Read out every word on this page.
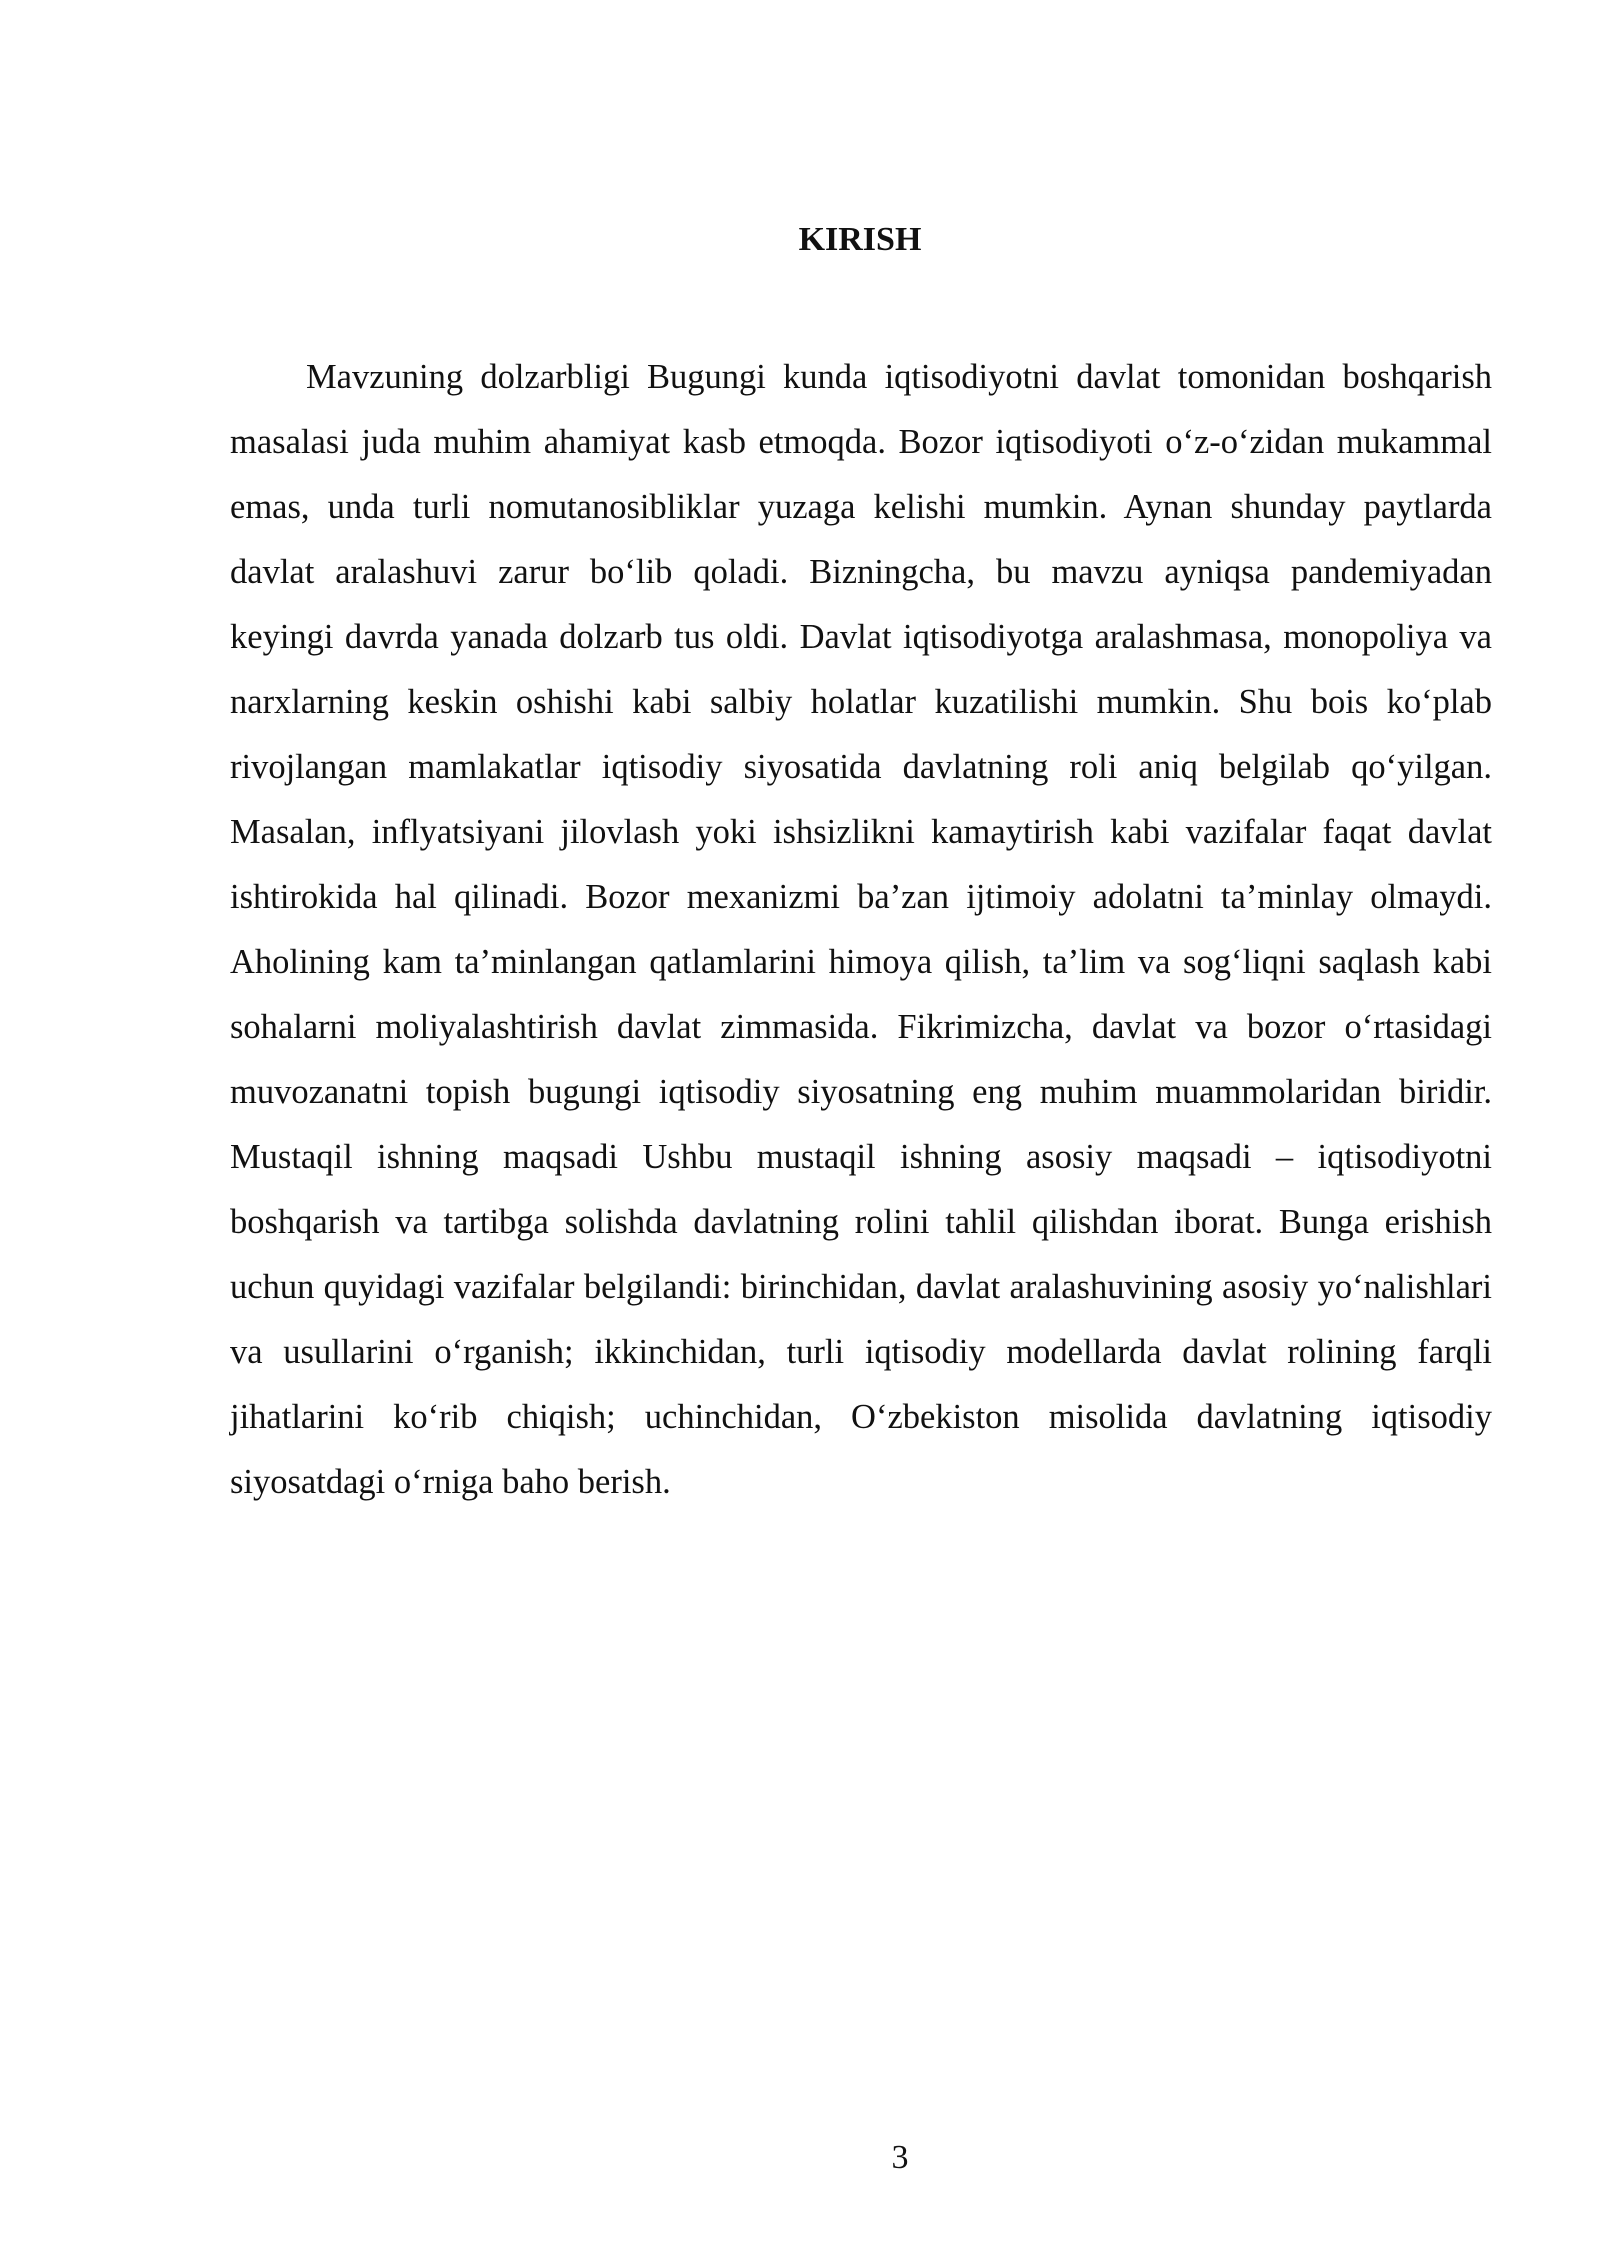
KIRISH

Mavzuning dolzarbligi Bugungi kunda iqtisodiyotni davlat tomonidan boshqarish masalasi juda muhim ahamiyat kasb etmoqda. Bozor iqtisodiyoti o‘z-o‘zidan mukammal emas, unda turli nomutanosibliklar yuzaga kelishi mumkin. Aynan shunday paytlarda davlat aralashuvi zarur bo‘lib qoladi. Bizningcha, bu mavzu ayniqsa pandemiyadan keyingi davrda yanada dolzarb tus oldi. Davlat iqtisodiyotga aralashmasa, monopoliya va narxlarning keskin oshishi kabi salbiy holatlar kuzatilishi mumkin. Shu bois ko‘plab rivojlangan mamlakatlar iqtisodiy siyosatida davlatning roli aniq belgilab qo‘yilgan. Masalan, inflyatsiyani jilovlash yoki ishsizlikni kamaytirish kabi vazifalar faqat davlat ishtirokida hal qilinadi. Bozor mexanizmi ba’zan ijtimoiy adolatni ta’minlay olmaydi. Aholining kam ta’minlangan qatlamlarini himoya qilish, ta’lim va sog‘liqni saqlash kabi sohalarni moliyalashtirish davlat zimmasida. Fikrimizcha, davlat va bozor o‘rtasidagi muvozanatni topish bugungi iqtisodiy siyosatning eng muhim muammolaridan biridir. Mustaqil ishning maqsadi Ushbu mustaqil ishning asosiy maqsadi – iqtisodiyotni boshqarish va tartibga solishda davlatning rolini tahlil qilishdan iborat. Bunga erishish uchun quyidagi vazifalar belgilandi: birinchidan, davlat aralashuvining asosiy yo‘nalishlari va usullarini o‘rganish; ikkinchidan, turli iqtisodiy modellarda davlat rolining farqli jihatlarini ko‘rib chiqish; uchinchidan, O‘zbekiston misolida davlatning iqtisodiy siyosatdagi o‘rniga baho berish.

3
